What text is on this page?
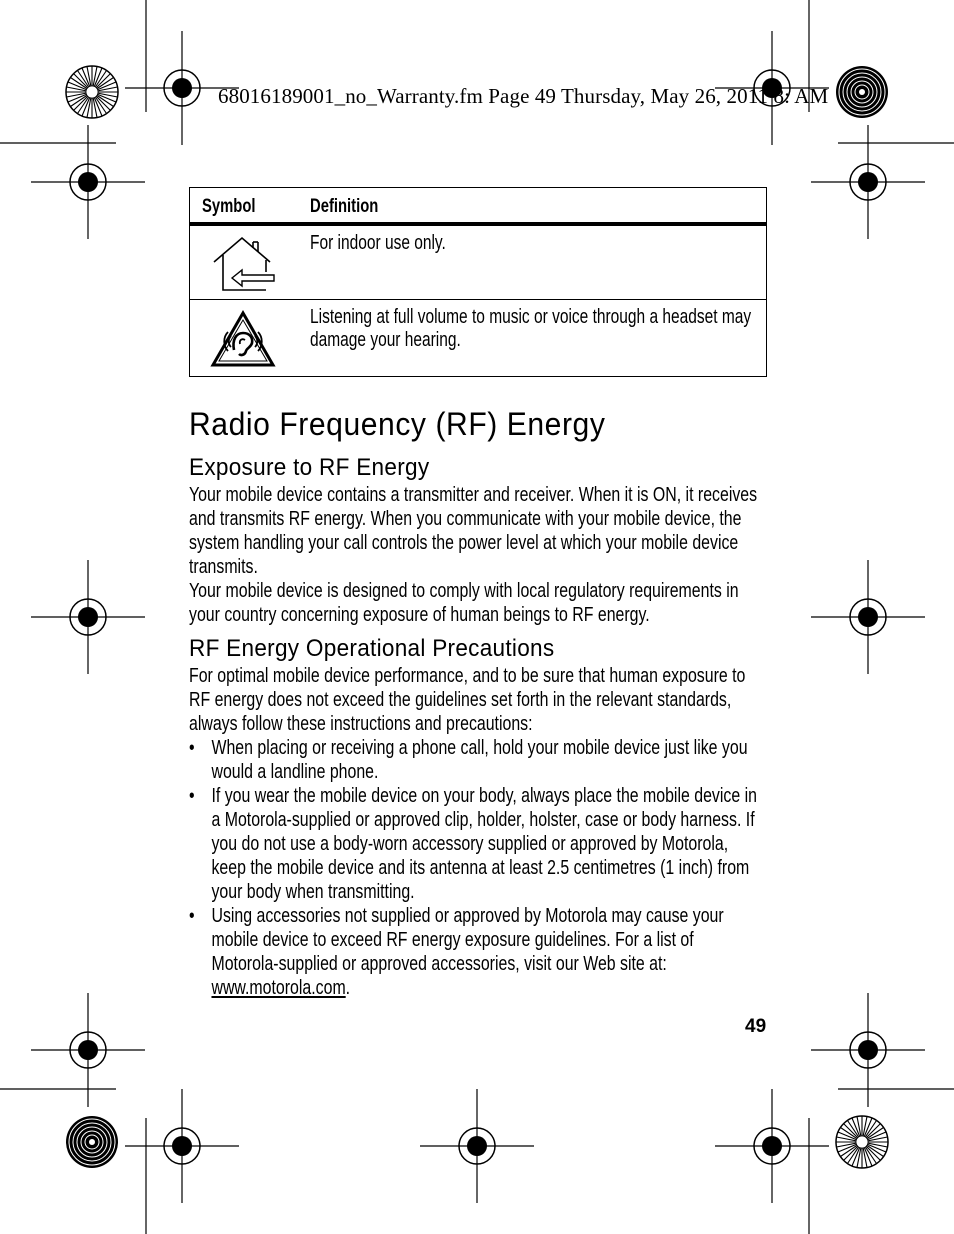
68016189001_no_Warranty.fm Page 49 Thursday, May 26, 2011 8: AM
Symbol	Definition
For indoor use only.
Listening at full volume to music or voice through a headset may damage your hearing.
Radio Frequency (RF) Energy
Exposure to RF Energy

Your mobile device contains a transmitter and receiver. When it is ON, it receives and transmits RF energy. When you communicate with your mobile device, the system handling your call controls the power level at which your mobile device transmits.

Your mobile device is designed to comply with local regulatory requirements in your country concerning exposure of human beings to RF energy.

RF Energy Operational Precautions
For optimal mobile device performance, and to be sure that human exposure to RF energy does not exceed the guidelines set forth in the relevant standards, always follow these instructions and precautions:

• When placing or receiving a phone call, hold your mobile device just like you would a landline phone.

• If you wear the mobile device on your body, always place the mobile device in a Motorola-supplied or approved clip, holder, holster, case or body harness. If you do not use a body-worn accessory supplied or approved by Motorola, keep the mobile device and its antenna at least 2.5 centimetres (1 inch) from your body when transmitting.

• Using accessories not supplied or approved by Motorola may cause your mobile device to exceed RF energy exposure guidelines. For a list of Motorola-supplied or approved accessories, visit our Web site at: www.motorola.com.

49
